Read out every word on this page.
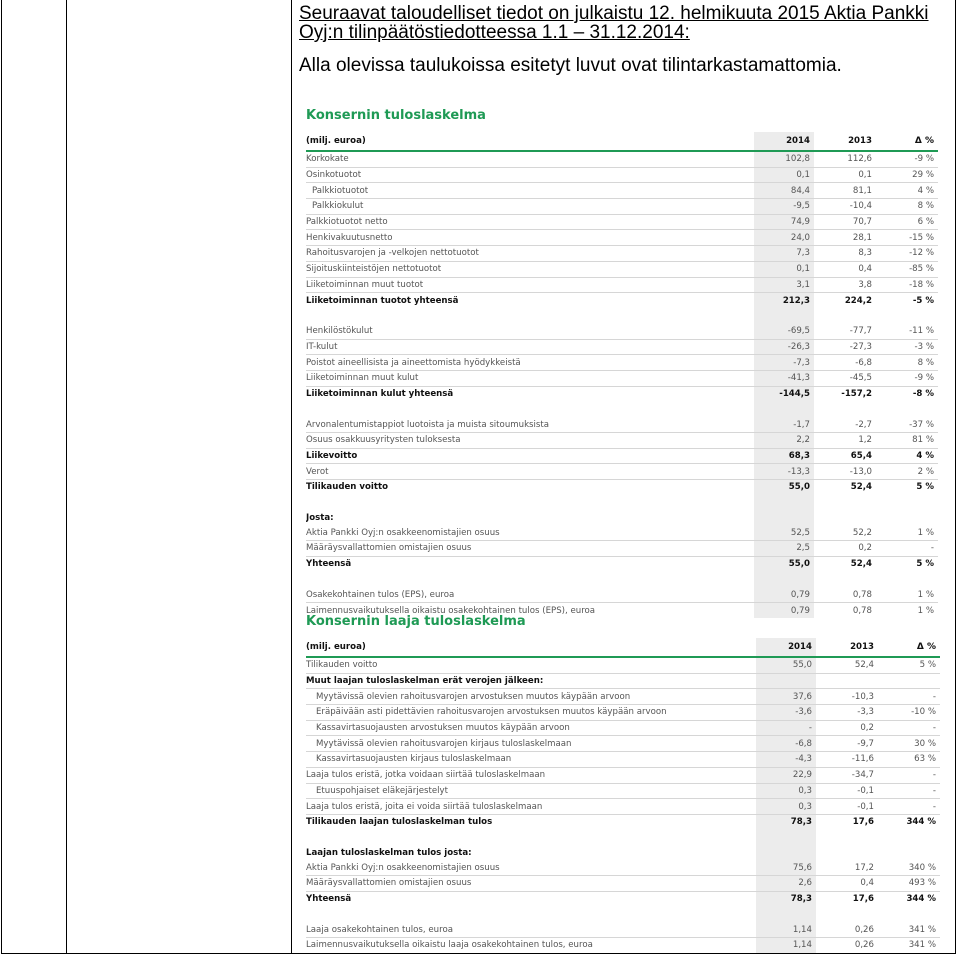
Seuraavat taloudelliset tiedot on julkaistu 12. helmikuuta 2015 Aktia Pankki
Oyj:n tilinpäätöstiedotteessa 1.1 – 31.12.2014:
Alla olevissa taulukoissa esitetyt luvut ovat tilintarkastamattomia.
Konsernin tuloslaskelma
(milj. euroa)	2014	2013	Δ %
Korkokate	102,8	112,6	-9 %
Osinkotuotot	0,1	0,1	29 %
Palkkiotuotot	84,4	81,1	4 %
Palkkiokulut	-9,5	-10,4	8 %
Palkkiotuotot netto	74,9	70,7	6 %
Henkivakuutusnetto	24,0	28,1	-15 %
Rahoitusvarojen ja -velkojen nettotuotot	7,3	8,3	-12 %
Sijoituskiinteistöjen nettotuotot	0,1	0,4	-85 %
Liiketoiminnan muut tuotot	3,1	3,8	-18 %
Liiketoiminnan tuotot yhteensä	212,3	224,2	-5 %

Henkilöstökulut	-69,5	-77,7	-11 %
IT-kulut	-26,3	-27,3	-3 %
Poistot aineellisista ja aineettomista hyödykkeistä	-7,3	-6,8	8 %
Liiketoiminnan muut kulut	-41,3	-45,5	-9 %
Liiketoiminnan kulut yhteensä	-144,5	-157,2	-8 %

Arvonalentumistappiot luotoista ja muista sitoumuksista	-1,7	-2,7	-37 %
Osuus osakkuusyritysten tuloksesta	2,2	1,2	81 %
Liikevoitto	68,3	65,4	4 %
Verot	-13,3	-13,0	2 %
Tilikauden voitto	55,0	52,4	5 %

Josta:			
Aktia Pankki Oyj:n osakkeenomistajien osuus	52,5	52,2	1 %
Määräysvallattomien omistajien osuus	2,5	0,2	-
Yhteensä	55,0	52,4	5 %

Osakekohtainen tulos (EPS), euroa	0,79	0,78	1 %
Laimennusvaikutuksella oikaistu osakekohtainen tulos (EPS), euroa	0,79	0,78	1 %
Konsernin laaja tuloslaskelma
(milj. euroa)	2014	2013	Δ %
Tilikauden voitto	55,0	52,4	5 %
Muut laajan tuloslaskelman erät verojen jälkeen:			
Myytävissä olevien rahoitusvarojen arvostuksen muutos käypään arvoon	37,6	-10,3	-
Eräpäivään asti pidettävien rahoitusvarojen arvostuksen muutos käypään arvoon	-3,6	-3,3	-10 %
Kassavirtasuojausten arvostuksen muutos käypään arvoon	-	0,2	-
Myytävissä olevien rahoitusvarojen kirjaus tuloslaskelmaan	-6,8	-9,7	30 %
Kassavirtasuojausten kirjaus tuloslaskelmaan	-4,3	-11,6	63 %
Laaja tulos eristä, jotka voidaan siirtää tuloslaskelmaan	22,9	-34,7	-
Etuuspohjaiset eläkejärjestelyt	0,3	-0,1	-
Laaja tulos eristä, joita ei voida siirtää tuloslaskelmaan	0,3	-0,1	-
Tilikauden laajan tuloslaskelman tulos	78,3	17,6	344 %

Laajan tuloslaskelman tulos josta:			
Aktia Pankki Oyj:n osakkeenomistajien osuus	75,6	17,2	340 %
Määräysvallattomien omistajien osuus	2,6	0,4	493 %
Yhteensä	78,3	17,6	344 %

Laaja osakekohtainen tulos, euroa	1,14	0,26	341 %
Laimennusvaikutuksella oikaistu laaja osakekohtainen tulos, euroa	1,14	0,26	341 %
